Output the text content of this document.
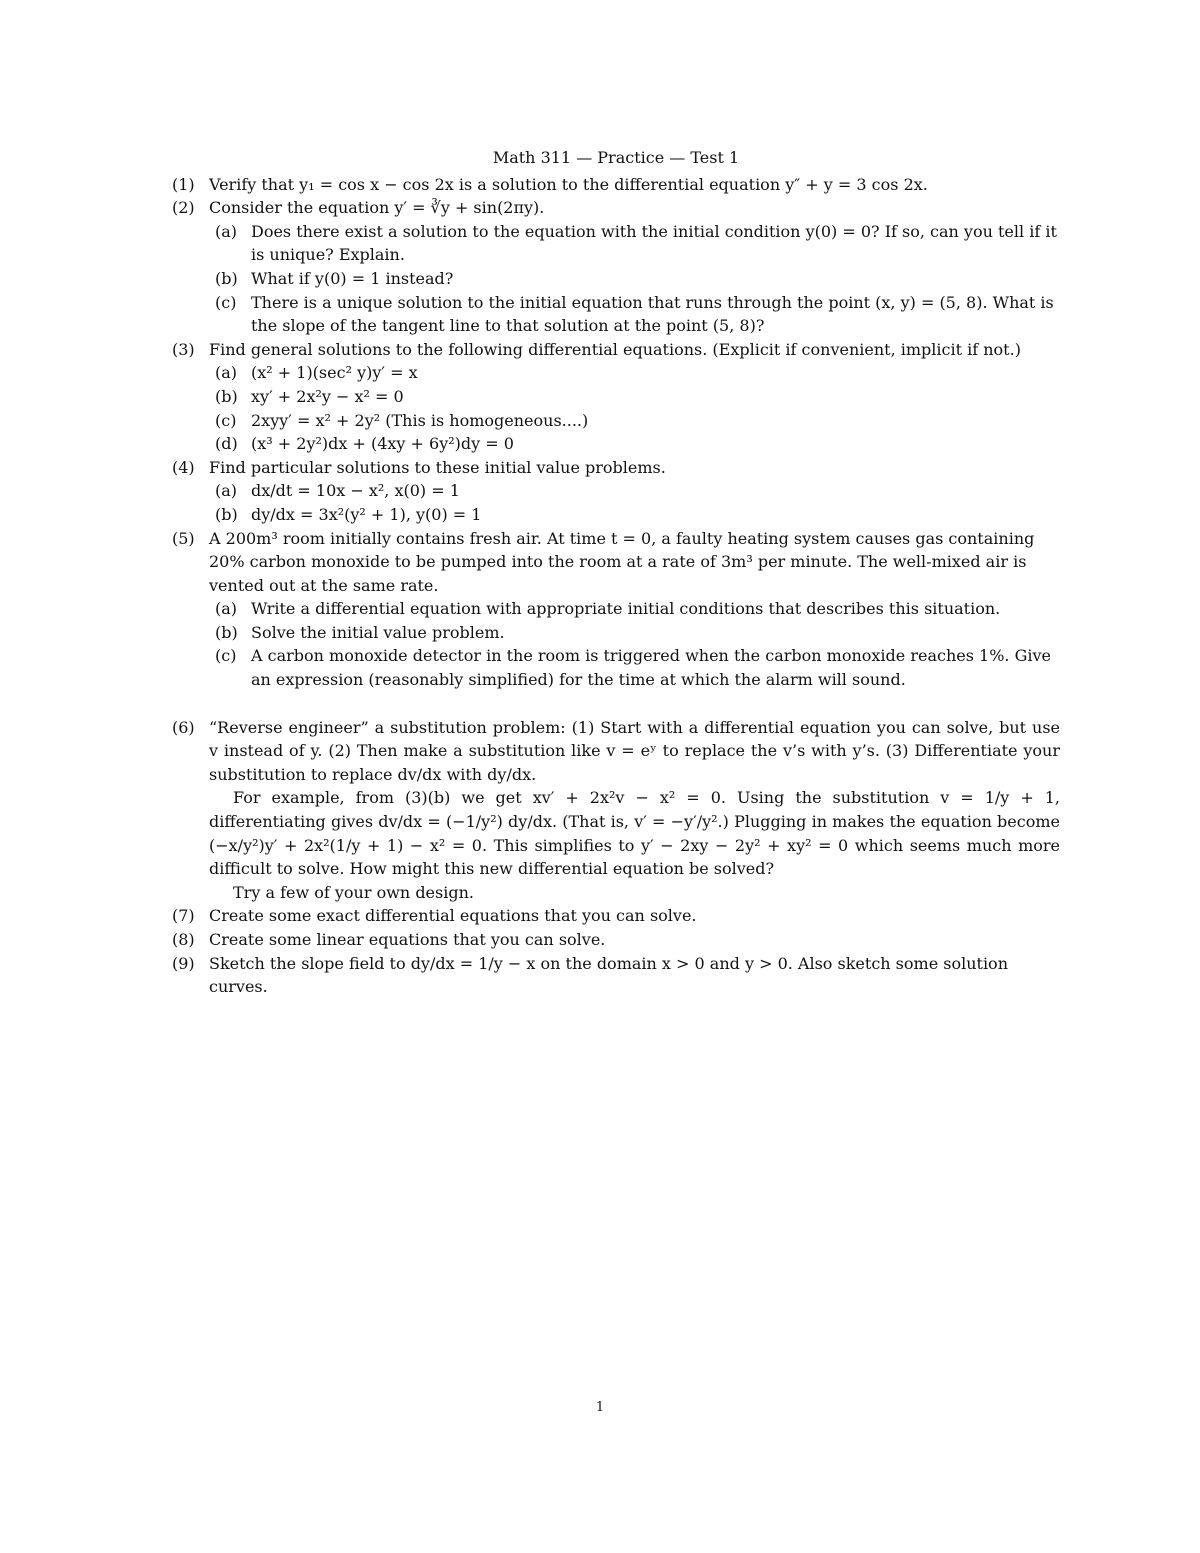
Math 311 — Practice — Test 1
(1) Verify that y₁ = cos x − cos 2x is a solution to the differential equation y″ + y = 3 cos 2x.
(2) Consider the equation y′ = ∛y + sin(2πy).
(a) Does there exist a solution to the equation with the initial condition y(0) = 0? If so, can you tell if it is unique? Explain.
(b) What if y(0) = 1 instead?
(c) There is a unique solution to the initial equation that runs through the point (x, y) = (5, 8). What is the slope of the tangent line to that solution at the point (5, 8)?
(3) Find general solutions to the following differential equations. (Explicit if convenient, implicit if not.)
(a) (x² + 1)(sec² y)y′ = x
(b) xy′ + 2x²y − x² = 0
(c) 2xyy′ = x² + 2y² (This is homogeneous....)
(d) (x³ + 2y²)dx + (4xy + 6y²)dy = 0
(4) Find particular solutions to these initial value problems.
(a) dx/dt = 10x − x², x(0) = 1
(b) dy/dx = 3x²(y² + 1), y(0) = 1
(5) A 200m³ room initially contains fresh air. At time t = 0, a faulty heating system causes gas containing 20% carbon monoxide to be pumped into the room at a rate of 3m³ per minute. The well-mixed air is vented out at the same rate.
(a) Write a differential equation with appropriate initial conditions that describes this situation.
(b) Solve the initial value problem.
(c) A carbon monoxide detector in the room is triggered when the carbon monoxide reaches 1%. Give an expression (reasonably simplified) for the time at which the alarm will sound.
(6) “Reverse engineer” a substitution problem: (1) Start with a differential equation you can solve, but use v instead of y. (2) Then make a substitution like v = eʸ to replace the v’s with y’s. (3) Differentiate your substitution to replace dv/dx with dy/dx.
For example, from (3)(b) we get xv′ + 2x²v − x² = 0. Using the substitution v = 1/y + 1, differentiating gives dv/dx = (−1/y²) dy/dx. (That is, v′ = −y′/y².) Plugging in makes the equation become (−x/y²)y′ + 2x²(1/y + 1) − x² = 0. This simplifies to y′ − 2xy − 2y² + xy² = 0 which seems much more difficult to solve. How might this new differential equation be solved?
Try a few of your own design.
(7) Create some exact differential equations that you can solve.
(8) Create some linear equations that you can solve.
(9) Sketch the slope field to dy/dx = 1/y − x on the domain x > 0 and y > 0. Also sketch some solution curves.
1
